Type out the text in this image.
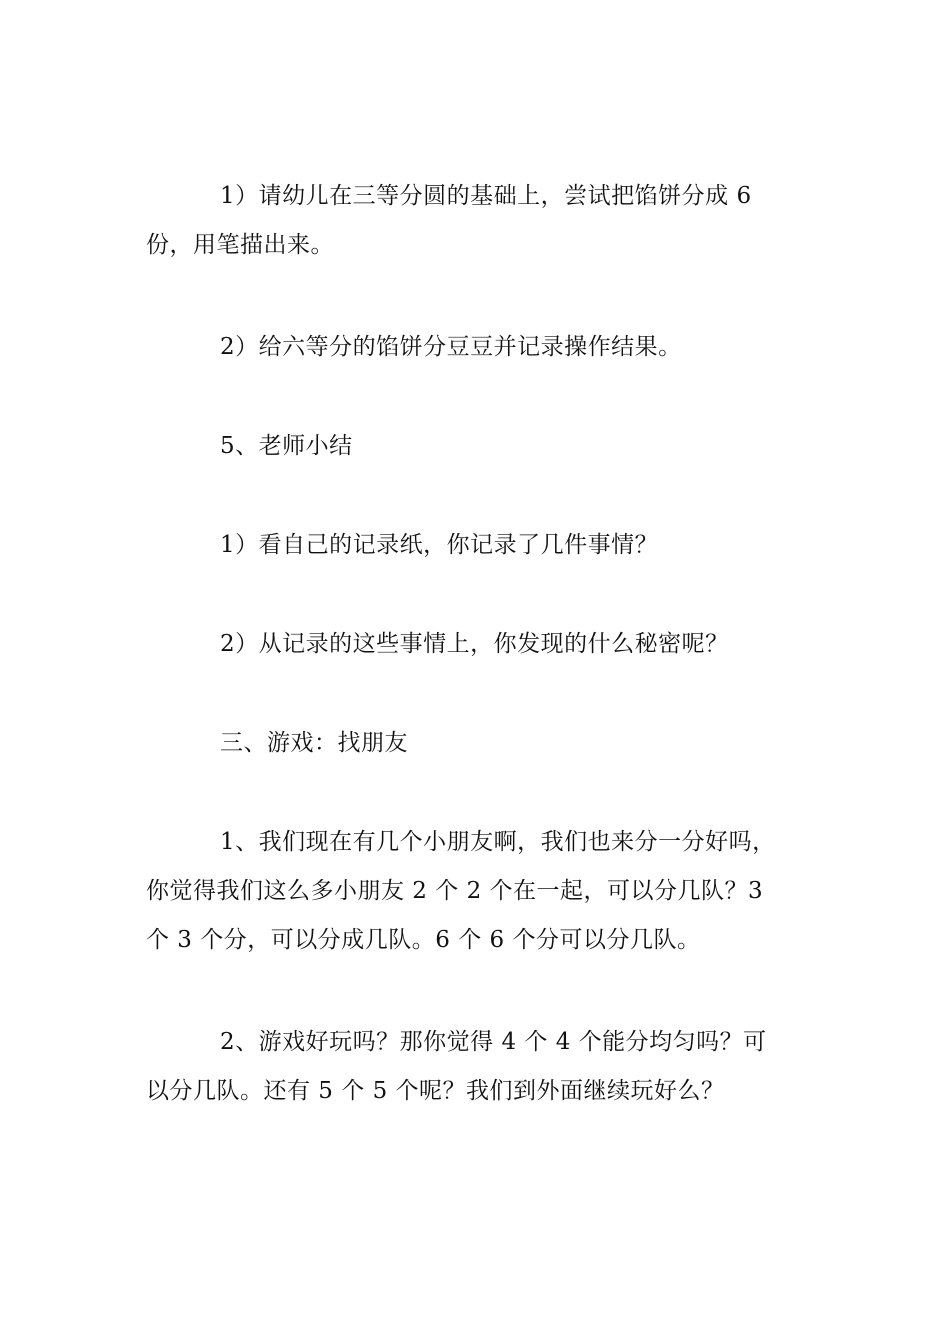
1）请幼儿在三等分圆的基础上，尝试把馅饼分成 6
份，用笔描出来。

2）给六等分的馅饼分豆豆并记录操作结果。

5、老师小结

1）看自己的记录纸，你记录了几件事情？

2）从记录的这些事情上，你发现的什么秘密呢？

三、游戏：找朋友

1、我们现在有几个小朋友啊，我们也来分一分好吗，
你觉得我们这么多小朋友 2 个 2 个在一起，可以分几队？3
个 3 个分，可以分成几队。6 个 6 个分可以分几队。

2、游戏好玩吗？那你觉得 4 个 4 个能分均匀吗？可
以分几队。还有 5 个 5 个呢？我们到外面继续玩好么？
